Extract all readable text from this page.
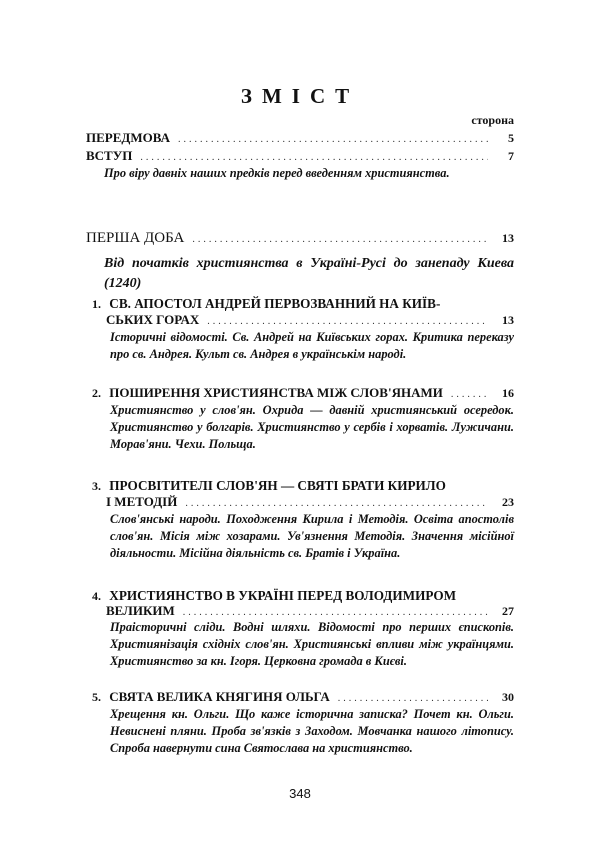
ЗМІСТ
сторона
ПЕРЕДМОВА .....	5
ВСТУП .....	7
Про віру давніх наших предків перед введенням християнства.
ПЕРША ДОБА .....	13
Від початків християнства в Україні-Русі до занепаду Киева (1240)
1. СВ. АПОСТОЛ АНДРЕЙ ПЕРВОЗВАННИЙ НА КИЇВ-
СЬКИХ ГОРАХ .....	13
Історичні відомості. Св. Андрей на Київських горах. Критика переказу про св. Андрея. Культ св. Андрея в українськім народі.
2. ПОШИРЕННЯ ХРИСТИЯНСТВА МІЖ СЛОВ'ЯНАМИ .....	16
Християнство у слов'ян. Охрида — давній християнський осередок. Християнство у болгарів. Християнство у сербів і хорватів. Лужичани. Морав'яни. Чехи. Польща.
3. ПРОСВІТИТЕЛІ СЛОВ'ЯН — СВЯТІ БРАТИ КИРИЛО
І МЕТОДІЙ .....	23
Слов'янські народи. Походження Кирила і Методія. Освіта апостолів слов'ян. Місія між хозарами. Ув'язнення Методія. Значення місійної діяльности. Місійна діяльність св. Братів і Україна.
4. ХРИСТИЯНСТВО В УКРАЇНІ ПЕРЕД ВОЛОДИМИРОМ
ВЕЛИКИМ .....	27
Праісторичні сліди. Водні шляхи. Відомості про перших єпископів. Християнізація східніх слов'ян. Християнські впливи між українцями. Християнство за кн. Ігоря. Церковна громада в Києві.
5. СВЯТА ВЕЛИКА КНЯГИНЯ ОЛЬГА .....	30
Хрещення кн. Ольги. Що каже історична записка? Почет кн. Ольги. Невиснені пляни. Проба зв'язків з Заходом. Мовчанка нашого літопису. Спроба навернути сина Святослава на християнство.
348
